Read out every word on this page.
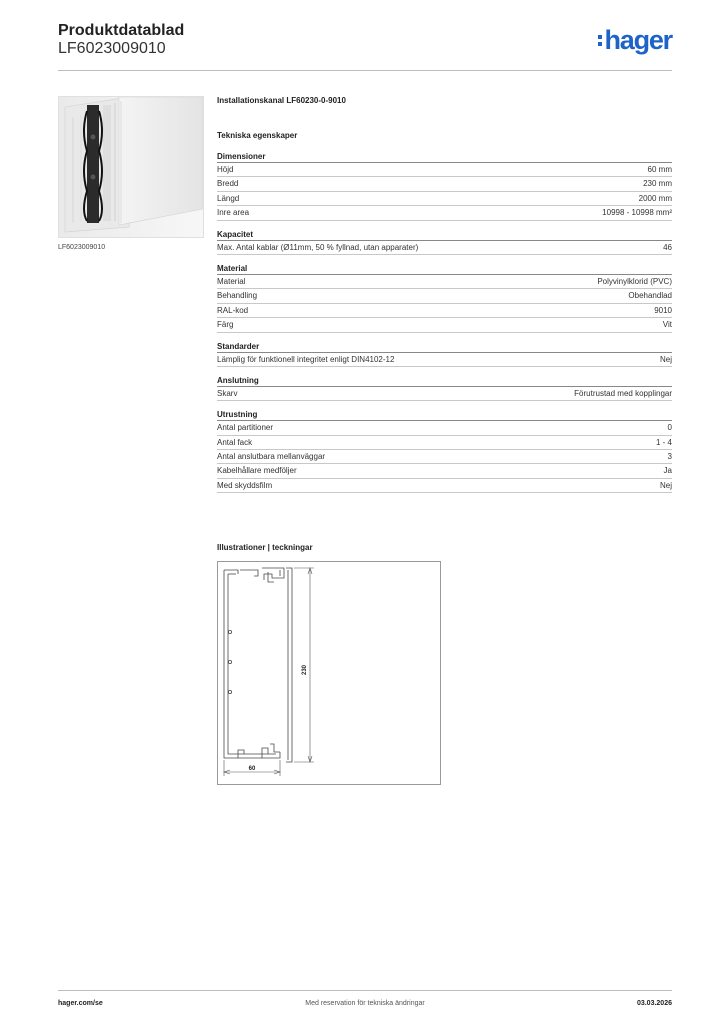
Produktdatablad
LF6023009010	hager
LF6023009010
Installationskanal LF60230-0-9010
Tekniska egenskaper
Dimensioner
Höjd	60 mm
Bredd	230 mm
Längd	2000 mm
Inre area	10998 - 10998 mm²
Kapacitet
Max. Antal kablar (Ø11mm, 50 % fyllnad, utan apparater)	46
Material
Material	Polyvinylklorid (PVC)
Behandling	Obehandlad
RAL-kod	9010
Färg	Vit
Standarder
Lämplig för funktionell integritet enligt DIN4102-12	Nej
Anslutning
Skarv	Förutrustad med kopplingar
Utrustning
Antal partitioner	0
Antal fack	1 - 4
Antal anslutbara mellanväggar	3
Kabelhållare medföljer	Ja
Med skyddsfilm	Nej
Illustrationer | teckningar
230
60
hager.com/se	Med reservation för tekniska ändringar	03.03.2026
